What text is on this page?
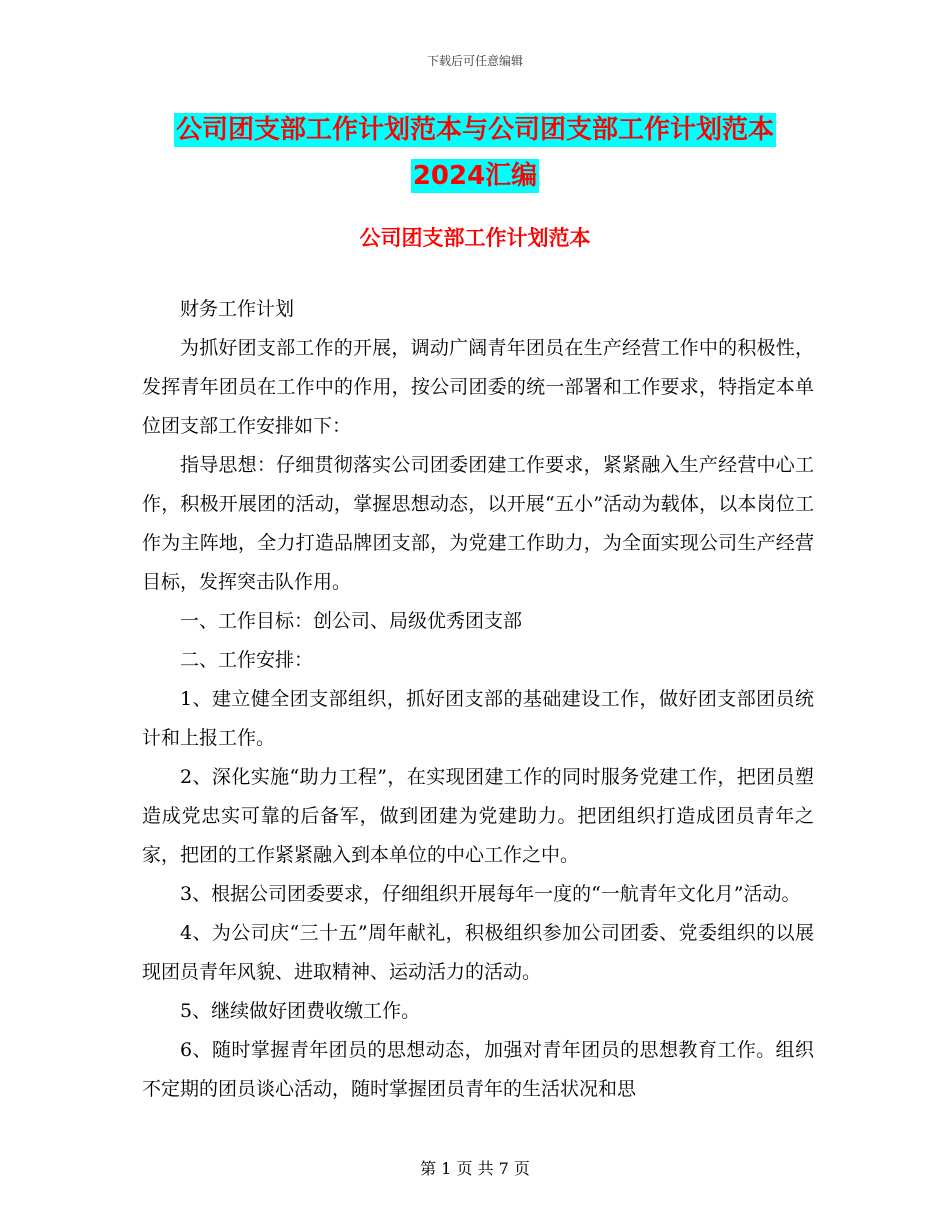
下载后可任意编辑
公司团支部工作计划范本与公司团支部工作计划范本
2024汇编
公司团支部工作计划范本

财务工作计划

为抓好团支部工作的开展，调动广阔青年团员在生产经营工作中的积极性，发挥青年团员在工作中的作用，按公司团委的统一部署和工作要求，特指定本单位团支部工作安排如下：

指导思想：仔细贯彻落实公司团委团建工作要求，紧紧融入生产经营中心工作，积极开展团的活动，掌握思想动态，以开展“五小”活动为载体，以本岗位工作为主阵地，全力打造品牌团支部，为党建工作助力，为全面实现公司生产经营目标，发挥突击队作用。

一、工作目标：创公司、局级优秀团支部

二、工作安排：

1、建立健全团支部组织，抓好团支部的基础建设工作，做好团支部团员统计和上报工作。

2、深化实施“助力工程”，在实现团建工作的同时服务党建工作，把团员塑造成党忠实可靠的后备军，做到团建为党建助力。把团组织打造成团员青年之家，把团的工作紧紧融入到本单位的中心工作之中。

3、根据公司团委要求，仔细组织开展每年一度的“一航青年文化月”活动。

4、为公司庆“三十五”周年献礼，积极组织参加公司团委、党委组织的以展现团员青年风貌、进取精神、运动活力的活动。

5、继续做好团费收缴工作。

6、随时掌握青年团员的思想动态，加强对青年团员的思想教育工作。组织不定期的团员谈心活动，随时掌握团员青年的生活状况和思

第 1 页 共 7 页
